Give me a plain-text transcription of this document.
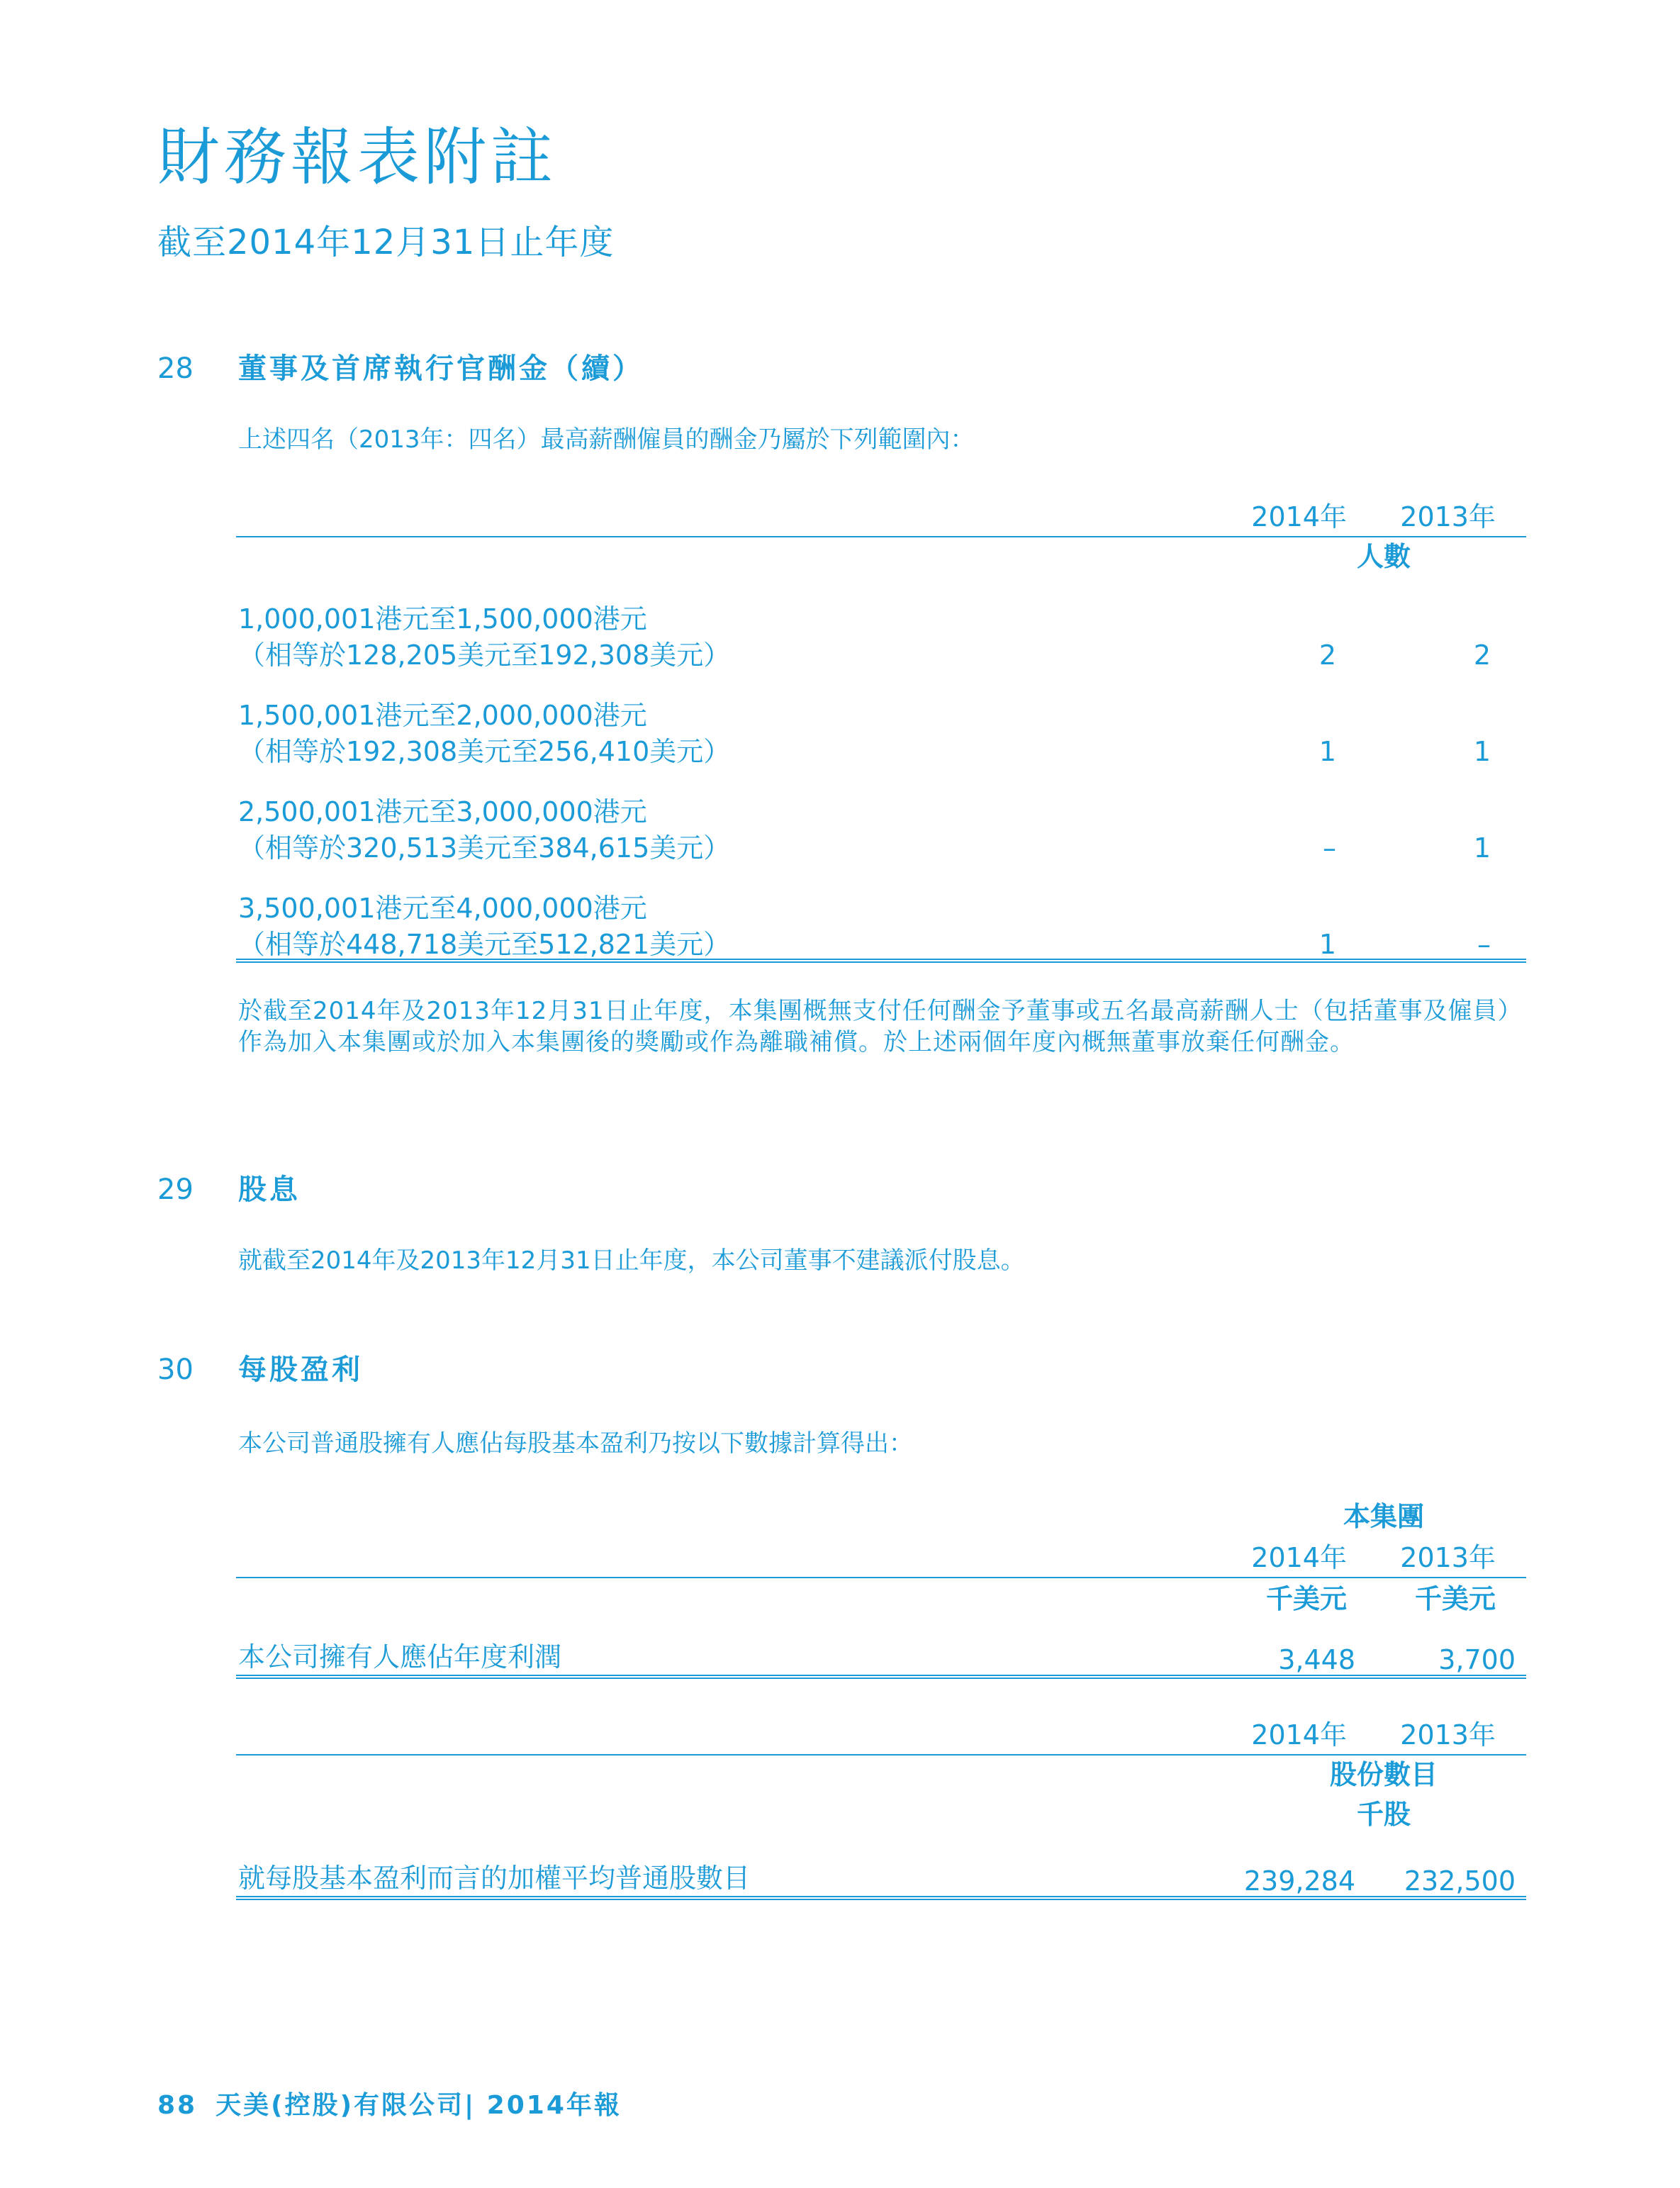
財務報表附註
截至2014年12月31日止年度
28 董事及首席執行官酬金（續）
上述四名（2013年：四名）最高薪酬僱員的酬金乃屬於下列範圍內：
2014年	2013年
人數
1,000,001港元至1,500,000港元
（相等於128,205美元至192,308美元）	2	2
1,500,001港元至2,000,000港元
（相等於192,308美元至256,410美元）	1	1
2,500,001港元至3,000,000港元
（相等於320,513美元至384,615美元）	–	1
3,500,001港元至4,000,000港元
（相等於448,718美元至512,821美元）	1	–
於截至2014年及2013年12月31日止年度，本集團概無支付任何酬金予董事或五名最高薪酬人士（包括董事及僱員）作為加入本集團或於加入本集團後的獎勵或作為離職補償。於上述兩個年度內概無董事放棄任何酬金。
29 股息
就截至2014年及2013年12月31日止年度，本公司董事不建議派付股息。
30 每股盈利
本公司普通股擁有人應佔每股基本盈利乃按以下數據計算得出：
本集團
2014年	2013年
千美元	千美元
本公司擁有人應佔年度利潤	3,448	3,700
2014年	2013年
股份數目
千股
就每股基本盈利而言的加權平均普通股數目	239,284	232,500
88 天美(控股)有限公司| 2014年報
